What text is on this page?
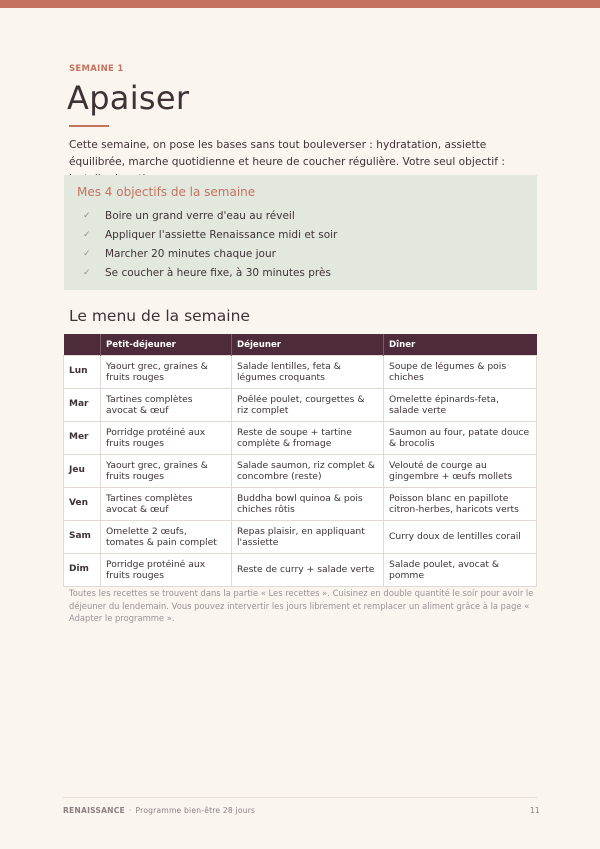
SEMAINE 1
Apaiser

Cette semaine, on pose les bases sans tout bouleverser : hydratation, assiette équilibrée, marche quotidienne et heure de coucher régulière. Votre seul objectif :

Mes 4 objectifs de la semaine
✓	Boire un grand verre d'eau au réveil
✓	Appliquer l'assiette Renaissance midi et soir
✓	Marcher 20 minutes chaque jour
✓	Se coucher à heure fixe, à 30 minutes près
Le menu de la semaine
	Petit-déjeuner	Déjeuner	Dîner
Lun	Yaourt grec, graines & fruits rouges	Salade lentilles, feta & légumes croquants	Soupe de légumes & pois chiches
Mar	Tartines complètes avocat & œuf	Poêlée poulet, courgettes & riz complet	Omelette épinards-feta, salade verte
Mer	Porridge protéiné aux fruits rouges	Reste de soupe + tartine complète & fromage	Saumon au four, patate douce & brocolis
Jeu	Yaourt grec, graines & fruits rouges	Salade saumon, riz complet & concombre (reste)	Velouté de courge au gingembre + œufs mollets
Ven	Tartines complètes avocat & œuf	Buddha bowl quinoa & pois chiches rôtis	Poisson blanc en papillote citron-herbes, haricots verts
Sam	Omelette 2 œufs, tomates & pain complet	Repas plaisir, en appliquant l'assiette	Curry doux de lentilles corail
Dim	Porridge protéiné aux fruits rouges	Reste de curry + salade verte	Salade poulet, avocat & pomme

Toutes les recettes se trouvent dans la partie « Les recettes ». Cuisinez en double quantité le soir pour avoir le déjeuner du lendemain. Vous pouvez intervertir les jours librement et remplacer un aliment grâce à la page « Adapter le programme ».

RENAISSANCE · Programme bien-être 28 jours	11
